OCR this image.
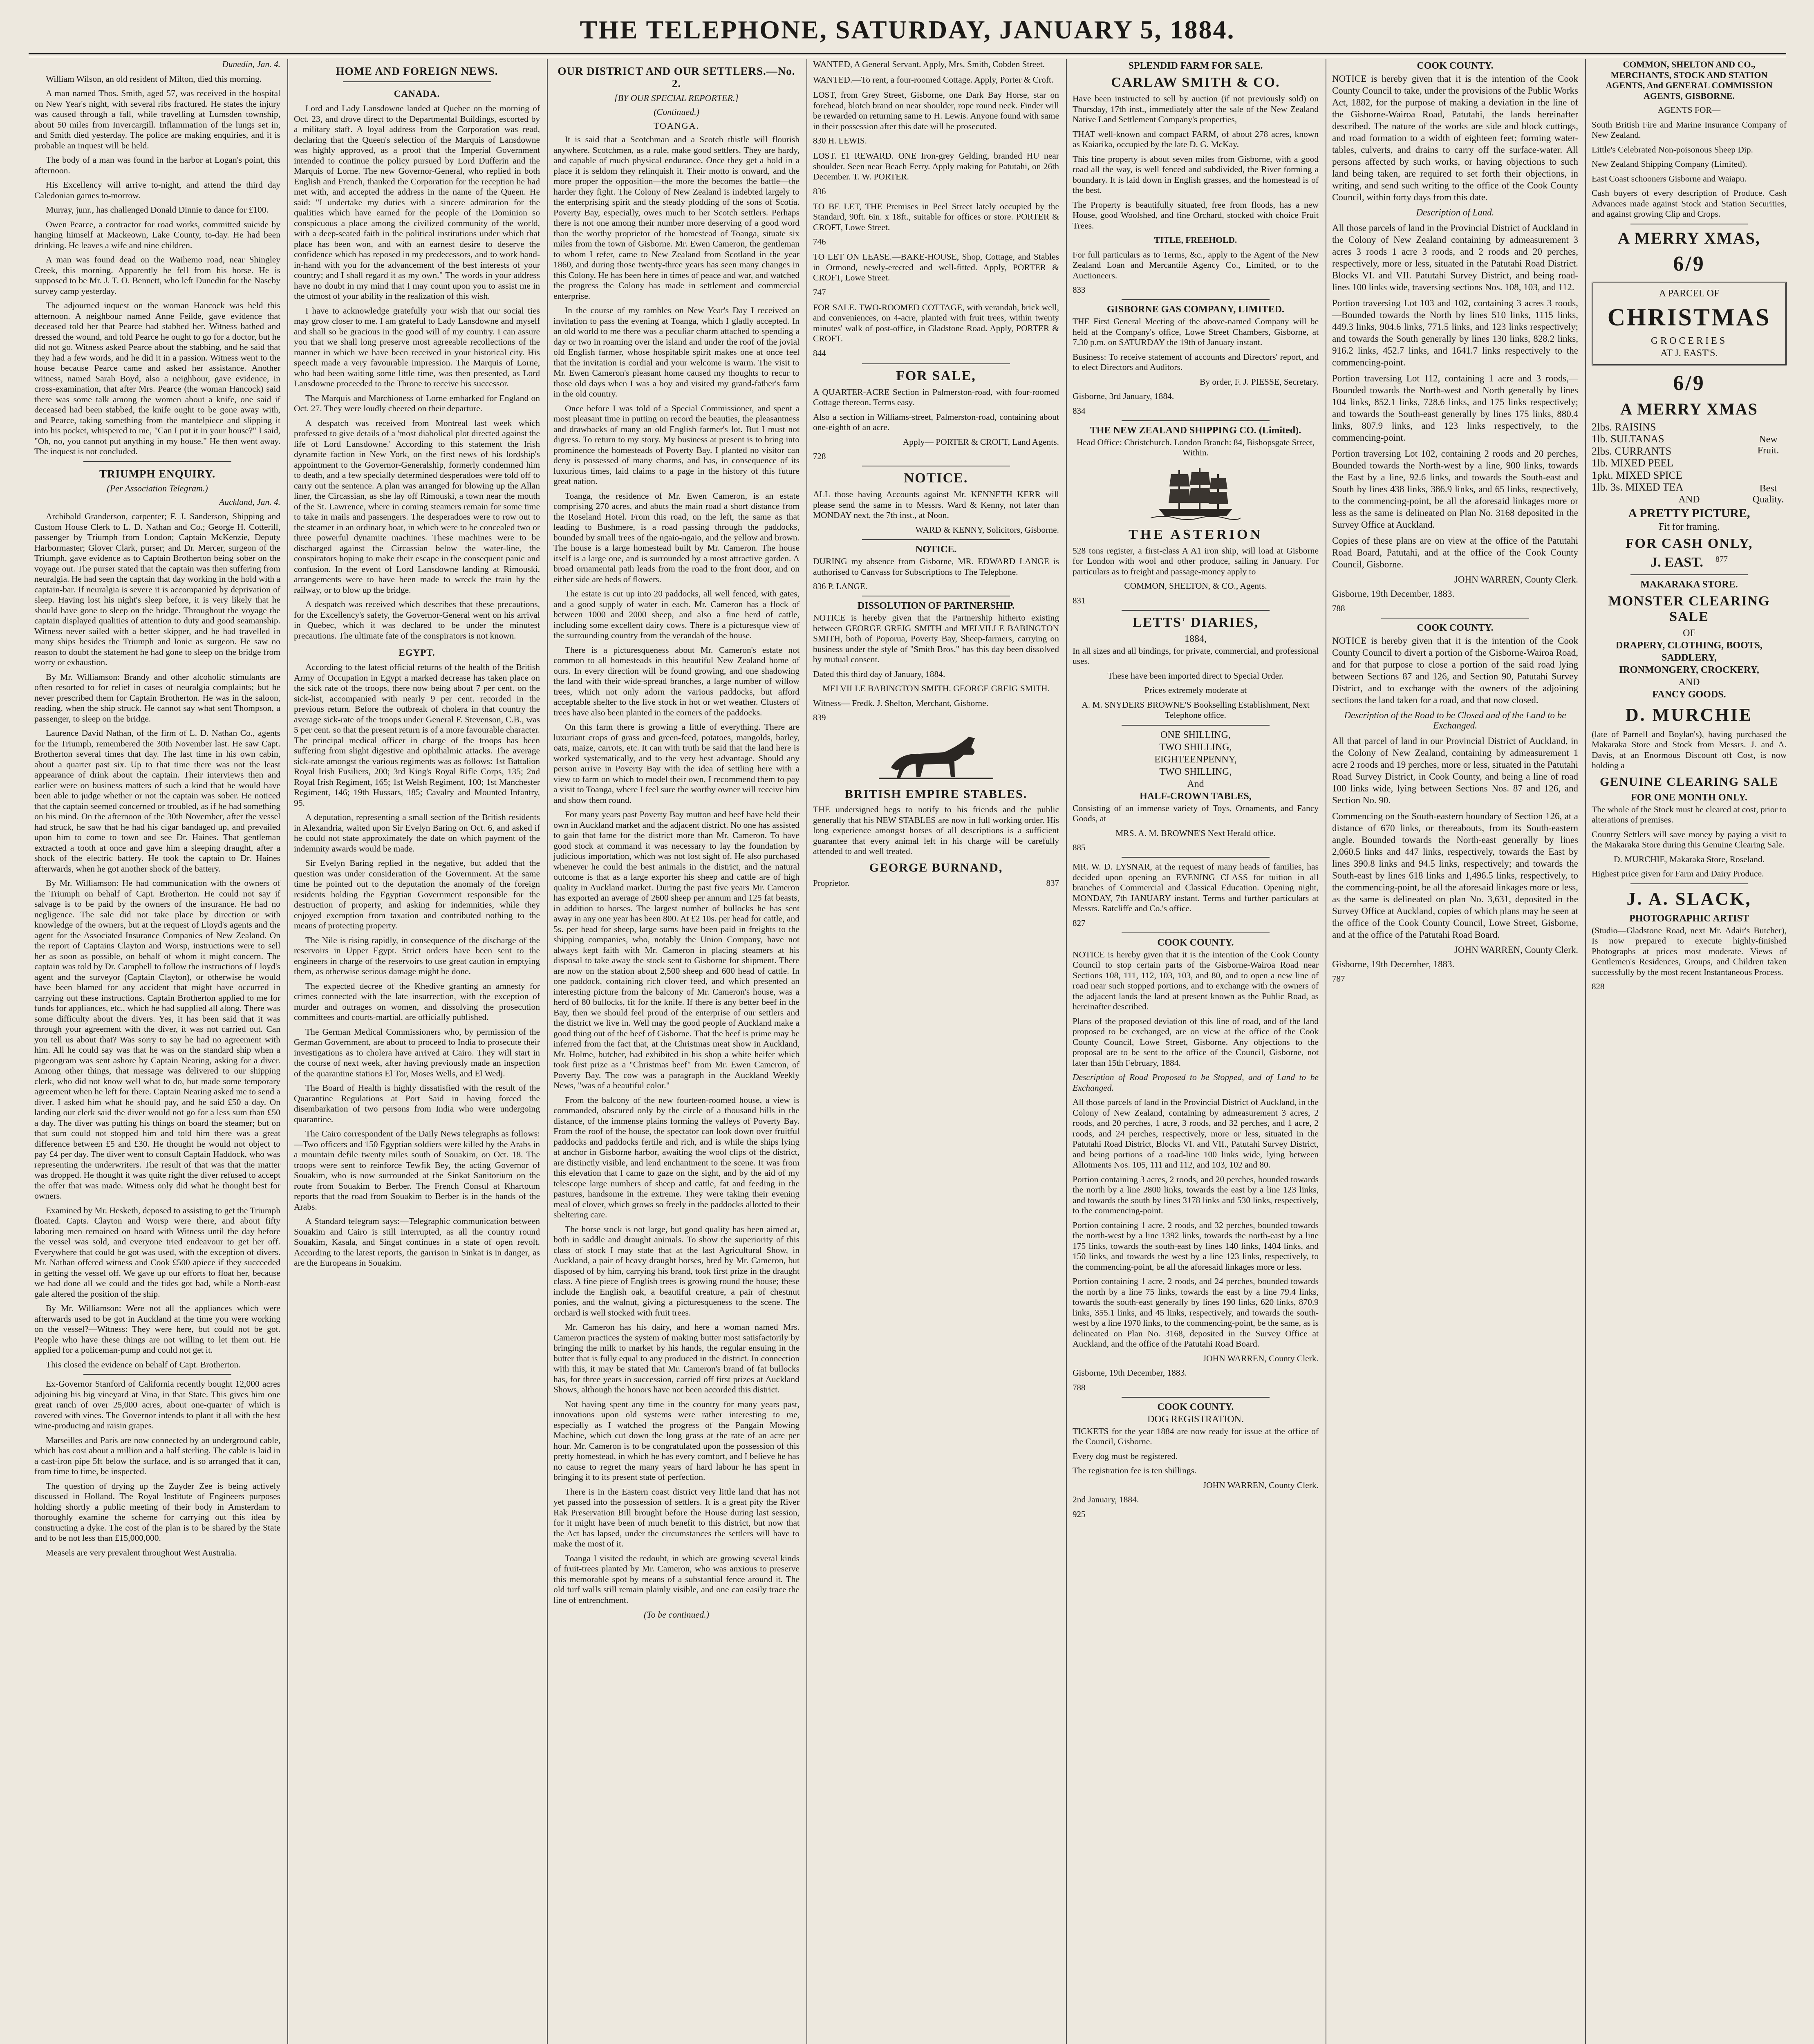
THE TELEPHONE, SATURDAY, JANUARY 5, 1884.

Dunedin, Jan. 4.

William Wilson, an old resident of Milton, died this morning.

A man named Thos. Smith, aged 57, was received in the hospital on New Year's night, with several ribs fractured. He states the injury was caused through a fall, while travelling at Lumsden township, about 50 miles from Invercargill. Inflammation of the lungs set in, and Smith died yesterday. The police are making enquiries, and it is probable an inquest will be held.

The body of a man was found in the harbor at Logan's point, this afternoon.

His Excellency will arrive to-night, and attend the third day Caledonian games to-morrow.

Murray, junr., has challenged Donald Dinnie to dance for £100.

Owen Pearce, a contractor for road works, committed suicide by hanging himself at Mackeown, Lake County, to-day. He had been drinking. He leaves a wife and nine children.

A man was found dead on the Waihemo road, near Shingley Creek, this morning. Apparently he fell from his horse. He is supposed to be Mr. J. T. O. Bennett, who left Dunedin for the Naseby survey camp yesterday.

The adjourned inquest on the woman Hancock was held this afternoon. A neighbour named Anne Feilde, gave evidence that deceased told her that Pearce had stabbed her. Witness bathed and dressed the wound, and told Pearce he ought to go for a doctor, but he did not go. Witness asked Pearce about the stabbing, and he said that they had a few words, and he did it in a passion. Witness went to the house because Pearce came and asked her assistance. Another witness, named Sarah Boyd, also a neighbour, gave evidence, in cross-examination, that after Mrs. Pearce (the woman Hancock) said there was some talk among the women about a knife, one said if deceased had been stabbed, the knife ought to be gone away with, and Pearce, taking something from the mantelpiece and slipping it into his pocket, whispered to me, "Can I put it in your house?" I said, "Oh, no, you cannot put anything in my house." He then went away. The inquest is not concluded.

TRIUMPH ENQUIRY.
(Per Association Telegram.)

Auckland, Jan. 4.

Archibald Granderson, carpenter; F. J. Sanderson, Shipping and Custom House Clerk to L. D. Nathan and Co.; George H. Cotterill, passenger by Triumph from London; Captain McKenzie, Deputy Harbormaster; Glover Clark, purser; and Dr. Mercer, surgeon of the Triumph, gave evidence as to Captain Brotherton being sober on the voyage out. The purser stated that the captain was then suffering from neuralgia. He had seen the captain that day working in the hold with a captain-bar. If neuralgia is severe it is accompanied by deprivation of sleep. Having lost his night's sleep before, it is very likely that he should have gone to sleep on the bridge. Throughout the voyage the captain displayed qualities of attention to duty and good seamanship. Witness never sailed with a better skipper, and he had travelled in many ships besides the Triumph and Ionic as surgeon. He saw no reason to doubt the statement he had gone to sleep on the bridge from worry or exhaustion.

By Mr. Williamson: Brandy and other alcoholic stimulants are often resorted to for relief in cases of neuralgia complaints; but he never prescribed them for Captain Brotherton. He was in the saloon, reading, when the ship struck. He cannot say what sent Thompson, a passenger, to sleep on the bridge.

Laurence David Nathan, of the firm of L. D. Nathan Co., agents for the Triumph, remembered the 30th November last. He saw Capt. Brotherton several times that day. The last time in his own cabin, about a quarter past six. Up to that time there was not the least appearance of drink about the captain. Their interviews then and earlier were on business matters of such a kind that he would have been able to judge whether or not the captain was sober. He noticed that the captain seemed concerned or troubled, as if he had something on his mind. On the afternoon of the 30th November, after the vessel had struck, he saw that he had his cigar bandaged up, and prevailed upon him to come to town and see Dr. Haines. That gentleman extracted a tooth at once and gave him a sleeping draught, after a shock of the electric battery. He took the captain to Dr. Haines afterwards, when he got another shock of the battery.

By Mr. Williamson: He had communication with the owners of the Triumph on behalf of Capt. Brotherton. He could not say if salvage is to be paid by the owners of the insurance. He had no negligence. The sale did not take place by direction or with knowledge of the owners, but at the request of Lloyd's agents and the agent for the Associated Insurance Companies of New Zealand. On the report of Captains Clayton and Worsp, instructions were to sell her as soon as possible, on behalf of whom it might concern. The captain was told by Dr. Campbell to follow the instructions of Lloyd's agent and the surveyor (Captain Clayton), or otherwise he would have been blamed for any accident that might have occurred in carrying out these instructions. Captain Brotherton applied to me for funds for appliances, etc., which he had supplied all along. There was some difficulty about the divers. Yes, it has been said that it was through your agreement with the diver, it was not carried out. Can you tell us about that? Was sorry to say he had no agreement with him. All he could say was that he was on the standard ship when a pigeongram was sent ashore by Captain Nearing, asking for a diver. Among other things, that message was delivered to our shipping clerk, who did not know well what to do, but made some temporary agreement when he left for there. Captain Nearing asked me to send a diver. I asked him what he should pay, and he said £50 a day. On landing our clerk said the diver would not go for a less sum than £50 a day. The diver was putting his things on board the steamer; but on that sum could not stopped him and told him there was a great difference between £5 and £30. He thought he would not object to pay £4 per day. The diver went to consult Captain Haddock, who was representing the underwriters. The result of that was that the matter was dropped. He thought it was quite right the diver refused to accept the offer that was made. Witness only did what he thought best for owners.

Examined by Mr. Hesketh, deposed to assisting to get the Triumph floated. Capts. Clayton and Worsp were there, and about fifty laboring men remained on board with Witness until the day before the vessel was sold, and everyone tried endeavour to get her off. Everywhere that could be got was used, with the exception of divers. Mr. Nathan offered witness and Cook £500 apiece if they succeeded in getting the vessel off. We gave up our efforts to float her, because we had done all we could and the tides got bad, while a North-east gale altered the position of the ship.

By Mr. Williamson: Were not all the appliances which were afterwards used to be got in Auckland at the time you were working on the vessel?—Witness: They were here, but could not be got. People who have these things are not willing to let them out. He applied for a policeman-pump and could not get it.

This closed the evidence on behalf of Capt. Brotherton.

Ex-Governor Stanford of California recently bought 12,000 acres adjoining his big vineyard at Vina, in that State. This gives him one great ranch of over 25,000 acres, about one-quarter of which is covered with vines. The Governor intends to plant it all with the best wine-producing and raisin grapes.

Marseilles and Paris are now connected by an underground cable, which has cost about a million and a half sterling. The cable is laid in a cast-iron pipe 5ft below the surface, and is so arranged that it can, from time to time, be inspected.

The question of drying up the Zuyder Zee is being actively discussed in Holland. The Royal Institute of Engineers purposes holding shortly a public meeting of their body in Amsterdam to thoroughly examine the scheme for carrying out this idea by constructing a dyke. The cost of the plan is to be shared by the State and to be not less than £15,000,000.

Measels are very prevalent throughout West Australia.

HOME AND FOREIGN NEWS.
CANADA.

Lord and Lady Lansdowne landed at Quebec on the morning of Oct. 23, and drove direct to the Departmental Buildings, escorted by a military staff. A loyal address from the Corporation was read, declaring that the Queen's selection of the Marquis of Lansdowne was highly approved, as a proof that the Imperial Government intended to continue the policy pursued by Lord Dufferin and the Marquis of Lorne. The new Governor-General, who replied in both English and French, thanked the Corporation for the reception he had met with, and accepted the address in the name of the Queen. He said: "I undertake my duties with a sincere admiration for the qualities which have earned for the people of the Dominion so conspicuous a place among the civilized community of the world, with a deep-seated faith in the political institutions under which that place has been won, and with an earnest desire to deserve the confidence which has reposed in my predecessors, and to work hand-in-hand with you for the advancement of the best interests of your country; and I shall regard it as my own." The words in your address have no doubt in my mind that I may count upon you to assist me in the utmost of your ability in the realization of this wish.

I have to acknowledge gratefully your wish that our social ties may grow closer to me. I am grateful to Lady Lansdowne and myself and shall so be gracious in the good will of my country. I can assure you that we shall long preserve most agreeable recollections of the manner in which we have been received in your historical city. His speech made a very favourable impression. The Marquis of Lorne, who had been waiting some little time, was then presented, as Lord Lansdowne proceeded to the Throne to receive his successor.

The Marquis and Marchioness of Lorne embarked for England on Oct. 27. They were loudly cheered on their departure.

A despatch was received from Montreal last week which professed to give details of a 'most diabolical plot directed against the life of Lord Lansdowne.' According to this statement the Irish dynamite faction in New York, on the first news of his lordship's appointment to the Governor-Generalship, formerly condemned him to death, and a few specially determined desperadoes were told off to carry out the sentence. A plan was arranged for blowing up the Allan liner, the Circassian, as she lay off Rimouski, a town near the mouth of the St. Lawrence, where in coming steamers remain for some time to take in mails and passengers. The desperadoes were to row out to the steamer in an ordinary boat, in which were to be concealed two or three powerful dynamite machines. These machines were to be discharged against the Circassian below the water-line, the conspirators hoping to make their escape in the consequent panic and confusion. In the event of Lord Lansdowne landing at Rimouski, arrangements were to have been made to wreck the train by the railway, or to blow up the bridge.

A despatch was received which describes that these precautions, for the Excellency's safety, the Governor-General went on his arrival in Quebec, which it was declared to be under the minutest precautions. The ultimate fate of the conspirators is not known.

EGYPT.

According to the latest official returns of the health of the British Army of Occupation in Egypt a marked decrease has taken place on the sick rate of the troops, there now being about 7 per cent. on the sick-list, accompanied with nearly 9 per cent. recorded in the previous return. Before the outbreak of cholera in that country the average sick-rate of the troops under General F. Stevenson, C.B., was 5 per cent. so that the present return is of a more favourable character. The principal medical officer in charge of the troops has been suffering from slight digestive and ophthalmic attacks. The average sick-rate amongst the various regiments was as follows: 1st Battalion Royal Irish Fusiliers, 200; 3rd King's Royal Rifle Corps, 135; 2nd Royal Irish Regiment, 165; 1st Welsh Regiment, 100; 1st Manchester Regiment, 146; 19th Hussars, 185; Cavalry and Mounted Infantry, 95.

A deputation, representing a small section of the British residents in Alexandria, waited upon Sir Evelyn Baring on Oct. 6, and asked if he could not state approximately the date on which payment of the indemnity awards would be made.

Sir Evelyn Baring replied in the negative, but added that the question was under consideration of the Government. At the same time he pointed out to the deputation the anomaly of the foreign residents holding the Egyptian Government responsible for the destruction of property, and asking for indemnities, while they enjoyed exemption from taxation and contributed nothing to the means of protecting property.

The Nile is rising rapidly, in consequence of the discharge of the reservoirs in Upper Egypt. Strict orders have been sent to the engineers in charge of the reservoirs to use great caution in emptying them, as otherwise serious damage might be done.

The expected decree of the Khedive granting an amnesty for crimes connected with the late insurrection, with the exception of murder and outrages on women, and dissolving the prosecution committees and courts-martial, are officially published.

The German Medical Commissioners who, by permission of the German Government, are about to proceed to India to prosecute their investigations as to cholera have arrived at Cairo. They will start in the course of next week, after having previously made an inspection of the quarantine stations El Tor, Moses Wells, and El Wedj.

The Board of Health is highly dissatisfied with the result of the Quarantine Regulations at Port Said in having forced the disembarkation of two persons from India who were undergoing quarantine.

The Cairo correspondent of the Daily News telegraphs as follows:—Two officers and 150 Egyptian soldiers were killed by the Arabs in a mountain defile twenty miles south of Souakim, on Oct. 18. The troops were sent to reinforce Tewfik Bey, the acting Governor of Souakim, who is now surrounded at the Sinkat Sanitorium on the route from Souakim to Berber. The French Consul at Khartoum reports that the road from Souakim to Berber is in the hands of the Arabs.

A Standard telegram says:—Telegraphic communication between Souakim and Cairo is still interrupted, as all the country round Souakim, Kasala, and Singat continues in a state of open revolt. According to the latest reports, the garrison in Sinkat is in danger, as are the Europeans in Souakim.

OUR DISTRICT AND OUR SETTLERS.—No. 2.
[BY OUR SPECIAL REPORTER.]
(Continued.)
TOANGA.

It is said that a Scotchman and a Scotch thistle will flourish anywhere. Scotchmen, as a rule, make good settlers. They are hardy, and capable of much physical endurance. Once they get a hold in a place it is seldom they relinquish it. Their motto is onward, and the more proper the opposition—the more the becomes the battle—the harder they fight. The Colony of New Zealand is indebted largely to the enterprising spirit and the steady plodding of the sons of Scotia. Poverty Bay, especially, owes much to her Scotch settlers. Perhaps there is not one among their number more deserving of a good word than the worthy proprietor of the homestead of Toanga, situate six miles from the town of Gisborne. Mr. Ewen Cameron, the gentleman to whom I refer, came to New Zealand from Scotland in the year 1860, and during those twenty-three years has seen many changes in this Colony. He has been here in times of peace and war, and watched the progress the Colony has made in settlement and commercial enterprise.

In the course of my rambles on New Year's Day I received an invitation to pass the evening at Toanga, which I gladly accepted. In an old world to me there was a peculiar charm attached to spending a day or two in roaming over the island and under the roof of the jovial old English farmer, whose hospitable spirit makes one at once feel that the invitation is cordial and your welcome is warm. The visit to Mr. Ewen Cameron's pleasant home caused my thoughts to recur to those old days when I was a boy and visited my grand-father's farm in the old country.

Once before I was told of a Special Commissioner, and spent a most pleasant time in putting on record the beauties, the pleasantness and drawbacks of many an old English farmer's lot. But I must not digress. To return to my story. My business at present is to bring into prominence the homesteads of Poverty Bay. I planted no visitor can deny is possessed of many charms, and has, in consequence of its luxurious times, laid claims to a page in the history of this future great nation.

Toanga, the residence of Mr. Ewen Cameron, is an estate comprising 270 acres, and abuts the main road a short distance from the Roseland Hotel. From this road, on the left, the same as that leading to Bushmere, is a road passing through the paddocks, bounded by small trees of the ngaio-ngaio, and the yellow and brown. The house is a large homestead built by Mr. Cameron. The house itself is a large one, and is surrounded by a most attractive garden. A broad ornamental path leads from the road to the front door, and on either side are beds of flowers.

The estate is cut up into 20 paddocks, all well fenced, with gates, and a good supply of water in each. Mr. Cameron has a flock of between 1000 and 2000 sheep, and also a fine herd of cattle, including some excellent dairy cows. There is a picturesque view of the surrounding country from the verandah of the house.

There is a picturesqueness about Mr. Cameron's estate not common to all homesteads in this beautiful New Zealand home of ours. In every direction will be found growing, and one shadowing the land with their wide-spread branches, a large number of willow trees, which not only adorn the various paddocks, but afford acceptable shelter to the live stock in hot or wet weather. Clusters of trees have also been planted in the corners of the paddocks.

On this farm there is growing a little of everything. There are luxuriant crops of grass and green-feed, potatoes, mangolds, barley, oats, maize, carrots, etc. It can with truth be said that the land here is worked systematically, and to the very best advantage. Should any person arrive in Poverty Bay with the idea of settling here with a view to farm on which to model their own, I recommend them to pay a visit to Toanga, where I feel sure the worthy owner will receive him and show them round.

For many years past Poverty Bay mutton and beef have held their own in Auckland market and the adjacent district. No one has assisted to gain that fame for the district more than Mr. Cameron. To have good stock at command it was necessary to lay the foundation by judicious importation, which was not lost sight of. He also purchased whenever he could the best animals in the district, and the natural outcome is that as a large exporter his sheep and cattle are of high quality in Auckland market. During the past five years Mr. Cameron has exported an average of 2600 sheep per annum and 125 fat beasts, in addition to horses. The largest number of bullocks he has sent away in any one year has been 800. At £2 10s. per head for cattle, and 5s. per head for sheep, large sums have been paid in freights to the shipping companies, who, notably the Union Company, have not always kept faith with Mr. Cameron in placing steamers at his disposal to take away the stock sent to Gisborne for shipment. There are now on the station about 2,500 sheep and 600 head of cattle. In one paddock, containing rich clover feed, and which presented an interesting picture from the balcony of Mr. Cameron's house, was a herd of 80 bullocks, fit for the knife. If there is any better beef in the Bay, then we should feel proud of the enterprise of our settlers and the district we live in. Well may the good people of Auckland make a good thing out of the beef of Gisborne. That the beef is prime may be inferred from the fact that, at the Christmas meat show in Auckland, Mr. Holme, butcher, had exhibited in his shop a white heifer which took first prize as a "Christmas beef" from Mr. Ewen Cameron, of Poverty Bay. The cow was a paragraph in the Auckland Weekly News, "was of a beautiful color."

From the balcony of the new fourteen-roomed house, a view is commanded, obscured only by the circle of a thousand hills in the distance, of the immense plains forming the valleys of Poverty Bay. From the roof of the house, the spectator can look down over fruitful paddocks and paddocks fertile and rich, and is while the ships lying at anchor in Gisborne harbor, awaiting the wool clips of the district, are distinctly visible, and lend enchantment to the scene. It was from this elevation that I came to gaze on the sight, and by the aid of my telescope large numbers of sheep and cattle, fat and feeding in the pastures, handsome in the extreme. They were taking their evening meal of clover, which grows so freely in the paddocks allotted to their sheltering care.

The horse stock is not large, but good quality has been aimed at, both in saddle and draught animals. To show the superiority of this class of stock I may state that at the last Agricultural Show, in Auckland, a pair of heavy draught horses, bred by Mr. Cameron, but disposed of by him, carrying his brand, took first prize in the draught class. A fine piece of English trees is growing round the house; these include the English oak, a beautiful creature, a pair of chestnut ponies, and the walnut, giving a picturesqueness to the scene. The orchard is well stocked with fruit trees.

Mr. Cameron has his dairy, and here a woman named Mrs. Cameron practices the system of making butter most satisfactorily by bringing the milk to market by his hands, the regular ensuing in the butter that is fully equal to any produced in the district. In connection with this, it may be stated that Mr. Cameron's brand of fat bullocks has, for three years in succession, carried off first prizes at Auckland Shows, although the honors have not been accorded this district.

Not having spent any time in the country for many years past, innovations upon old systems were rather interesting to me, especially as I watched the progress of the Pangain Mowing Machine, which cut down the long grass at the rate of an acre per hour. Mr. Cameron is to be congratulated upon the possession of this pretty homestead, in which he has every comfort, and I believe he has no cause to regret the many years of hard labour he has spent in bringing it to its present state of perfection.

There is in the Eastern coast district very little land that has not yet passed into the possession of settlers. It is a great pity the River Rak Preservation Bill brought before the House during last session, for it might have been of much benefit to this district, but now that the Act has lapsed, under the circumstances the settlers will have to make the most of it.

Toanga I visited the redoubt, in which are growing several kinds of fruit-trees planted by Mr. Cameron, who was anxious to preserve this memorable spot by means of a substantial fence around it. The old turf walls still remain plainly visible, and one can easily trace the line of entrenchment.

(To be continued.)

WANTED, A General Servant. Apply, Mrs. Smith, Cobden Street.

WANTED.—To rent, a four-roomed Cottage. Apply, Porter & Croft.

LOST, from Grey Street, Gisborne, one Dark Bay Horse, star on forehead, blotch brand on near shoulder, rope round neck. Finder will be rewarded on returning same to H. Lewis. Anyone found with same in their possession after this date will be prosecuted.

830 H. LEWIS.

LOST. £1 REWARD. ONE Iron-grey Gelding, branded HU near shoulder. Seen near Beach Ferry. Apply making for Patutahi, on 26th December. T. W. PORTER.

836

TO BE LET, THE Premises in Peel Street lately occupied by the Standard, 90ft. 6in. x 18ft., suitable for offices or store. PORTER & CROFT, Lowe Street.

746

TO LET ON LEASE.—BAKE-HOUSE, Shop, Cottage, and Stables in Ormond, newly-erected and well-fitted. Apply, PORTER & CROFT, Lowe Street.

747

FOR SALE. TWO-ROOMED COTTAGE, with verandah, brick well, and conveniences, on 4-acre, planted with fruit trees, within twenty minutes' walk of post-office, in Gladstone Road. Apply, PORTER & CROFT.

844
FOR SALE,

A QUARTER-ACRE Section in Palmerston-road, with four-roomed Cottage thereon. Terms easy.

Also a section in Williams-street, Palmerston-road, containing about one-eighth of an acre.

Apply— PORTER & CROFT, Land Agents.

728
NOTICE.

ALL those having Accounts against Mr. KENNETH KERR will please send the same in to Messrs. Ward & Kenny, not later than MONDAY next, the 7th inst., at Noon.

WARD & KENNY, Solicitors, Gisborne.

NOTICE.

DURING my absence from Gisborne, MR. EDWARD LANGE is authorised to Canvass for Subscriptions to The Telephone.

836 P. LANGE.
DISSOLUTION OF PARTNERSHIP.

NOTICE is hereby given that the Partnership hitherto existing between GEORGE GREIG SMITH and MELVILLE BABINGTON SMITH, both of Poporua, Poverty Bay, Sheep-farmers, carrying on business under the style of "Smith Bros." has this day been dissolved by mutual consent.

Dated this third day of January, 1884.

MELVILLE BABINGTON SMITH. GEORGE GREIG SMITH.

Witness— Fredk. J. Shelton, Merchant, Gisborne.

839
BRITISH EMPIRE STABLES.

THE undersigned begs to notify to his friends and the public generally that his NEW STABLES are now in full working order. His long experience amongst horses of all descriptions is a sufficient guarantee that every animal left in his charge will be carefully attended to and well treated.

GEORGE BURNAND,
Proprietor.	837
SPLENDID FARM FOR SALE.
CARLAW SMITH & CO.

Have been instructed to sell by auction (if not previously sold) on Thursday, 17th inst., immediately after the sale of the New Zealand Native Land Settlement Company's properties,

THAT well-known and compact FARM, of about 278 acres, known as Kaiarika, occupied by the late D. G. McKay.

This fine property is about seven miles from Gisborne, with a good road all the way, is well fenced and subdivided, the River forming a boundary. It is laid down in English grasses, and the homestead is of the best.

The Property is beautifully situated, free from floods, has a new House, good Woolshed, and fine Orchard, stocked with choice Fruit Trees.

TITLE, FREEHOLD.

For full particulars as to Terms, &c., apply to the Agent of the New Zealand Loan and Mercantile Agency Co., Limited, or to the Auctioneers.

833
GISBORNE GAS COMPANY, LIMITED.

THE First General Meeting of the above-named Company will be held at the Company's office, Lowe Street Chambers, Gisborne, at 7.30 p.m. on SATURDAY the 19th of January instant.

Business: To receive statement of accounts and Directors' report, and to elect Directors and Auditors.

By order, F. J. PIESSE, Secretary.

Gisborne, 3rd January, 1884.

834
THE NEW ZEALAND SHIPPING CO. (Limited).

Head Office: Christchurch. London Branch: 84, Bishopsgate Street, Within.

THE ASTERION

528 tons register, a first-class A A1 iron ship, will load at Gisborne for London with wool and other produce, sailing in January. For particulars as to freight and passage-money apply to

COMMON, SHELTON, & CO., Agents.

831
LETTS' DIARIES,
1884,

In all sizes and all bindings, for private, commercial, and professional uses.

These have been imported direct to Special Order.

Prices extremely moderate at

A. M. SNYDERS BROWNE'S Bookselling Establishment, Next Telephone office.

ONE SHILLING,
TWO SHILLING,
EIGHTEENPENNY,
TWO SHILLING,
And
HALF-CROWN TABLES,

Consisting of an immense variety of Toys, Ornaments, and Fancy Goods, at

MRS. A. M. BROWNE'S Next Herald office.

885

MR. W. D. LYSNAR, at the request of many heads of families, has decided upon opening an EVENING CLASS for tuition in all branches of Commercial and Classical Education. Opening night, MONDAY, 7th JANUARY instant. Terms and further particulars at Messrs. Ratcliffe and Co.'s office.

827
COOK COUNTY.

NOTICE is hereby given that it is the intention of the Cook County Council to stop certain parts of the Gisborne-Wairoa Road near Sections 108, 111, 112, 103, 103, and 80, and to open a new line of road near such stopped portions, and to exchange with the owners of the adjacent lands the land at present known as the Public Road, as hereinafter described.

Plans of the proposed deviation of this line of road, and of the land proposed to be exchanged, are on view at the office of the Cook County Council, Lowe Street, Gisborne. Any objections to the proposal are to be sent to the office of the Council, Gisborne, not later than 15th February, 1884.

Description of Road Proposed to be Stopped, and of Land to be Exchanged.

All those parcels of land in the Provincial District of Auckland, in the Colony of New Zealand, containing by admeasurement 3 acres, 2 roods, and 20 perches, 1 acre, 3 roods, and 32 perches, and 1 acre, 2 roods, and 24 perches, respectively, more or less, situated in the Patutahi Road District, Blocks VI. and VII., Patutahi Survey District, and being portions of a road-line 100 links wide, lying between Allotments Nos. 105, 111 and 112, and 103, 102 and 80.

Portion containing 3 acres, 2 roods, and 20 perches, bounded towards the north by a line 2800 links, towards the east by a line 123 links, and towards the south by lines 3178 links and 530 links, respectively, to the commencing-point.

Portion containing 1 acre, 2 roods, and 32 perches, bounded towards the north-west by a line 1392 links, towards the north-east by a line 175 links, towards the south-east by lines 140 links, 1404 links, and 150 links, and towards the west by a line 123 links, respectively, to the commencing-point, be all the aforesaid linkages more or less.

Portion containing 1 acre, 2 roods, and 24 perches, bounded towards the north by a line 75 links, towards the east by a line 79.4 links, towards the south-east generally by lines 190 links, 620 links, 870.9 links, 355.1 links, and 45 links, respectively, and towards the south-west by a line 1970 links, to the commencing-point, be the same, as is delineated on Plan No. 3168, deposited in the Survey Office at Auckland, and the office of the Patutahi Road Board.

JOHN WARREN, County Clerk.

Gisborne, 19th December, 1883.

788
COOK COUNTY.
DOG REGISTRATION.

TICKETS for the year 1884 are now ready for issue at the office of the Council, Gisborne.

Every dog must be registered.

The registration fee is ten shillings.

JOHN WARREN, County Clerk.

2nd January, 1884.

925
COOK COUNTY.

NOTICE is hereby given that it is the intention of the Cook County Council to take, under the provisions of the Public Works Act, 1882, for the purpose of making a deviation in the line of the Gisborne-Wairoa Road, Patutahi, the lands hereinafter described. The nature of the works are side and block cuttings, and road formation to a width of eighteen feet; forming water-tables, culverts, and drains to carry off the surface-water. All persons affected by such works, or having objections to such land being taken, are required to set forth their objections, in writing, and send such writing to the office of the Cook County Council, within forty days from this date.

Description of Land.

All those parcels of land in the Provincial District of Auckland in the Colony of New Zealand containing by admeasurement 3 acres 3 roods 1 acre 3 roods, and 2 roods and 20 perches, respectively, more or less, situated in the Patutahi Road District. Blocks VI. and VII. Patutahi Survey District, and being road-lines 100 links wide, traversing sections Nos. 108, 103, and 112.

Portion traversing Lot 103 and 102, containing 3 acres 3 roods,—Bounded towards the North by lines 510 links, 1115 links, 449.3 links, 904.6 links, 771.5 links, and 123 links respectively; and towards the South generally by lines 130 links, 828.2 links, 916.2 links, 452.7 links, and 1641.7 links respectively to the commencing-point.

Portion traversing Lot 112, containing 1 acre and 3 roods,—Bounded towards the North-west and North generally by lines 104 links, 852.1 links, 728.6 links, and 175 links respectively; and towards the South-east generally by lines 175 links, 880.4 links, 807.9 links, and 123 links respectively, to the commencing-point.

Portion traversing Lot 102, containing 2 roods and 20 perches, Bounded towards the North-west by a line, 900 links, towards the East by a line, 92.6 links, and towards the South-east and South by lines 438 links, 386.9 links, and 65 links, respectively, to the commencing-point, be all the aforesaid linkages more or less as the same is delineated on Plan No. 3168 deposited in the Survey Office at Auckland.

Copies of these plans are on view at the office of the Patutahi Road Board, Patutahi, and at the office of the Cook County Council, Gisborne.

JOHN WARREN, County Clerk.

Gisborne, 19th December, 1883.

788
COOK COUNTY.

NOTICE is hereby given that it is the intention of the Cook County Council to divert a portion of the Gisborne-Wairoa Road, and for that purpose to close a portion of the said road lying between Sections 87 and 126, and Section 90, Patutahi Survey District, and to exchange with the owners of the adjoining sections the land taken for a road, and that now closed.

Description of the Road to be Closed and of the Land to be Exchanged.

All that parcel of land in our Provincial District of Auckland, in the Colony of New Zealand, containing by admeasurement 1 acre 2 roods and 19 perches, more or less, situated in the Patutahi Road Survey District, in Cook County, and being a line of road 100 links wide, lying between Sections Nos. 87 and 126, and Section No. 90.

Commencing on the South-eastern boundary of Section 126, at a distance of 670 links, or thereabouts, from its South-eastern angle. Bounded towards the North-east generally by lines 2,060.5 links and 447 links, respectively, towards the East by lines 390.8 links and 94.5 links, respectively; and towards the South-east by lines 618 links and 1,496.5 links, respectively, to the commencing-point, be all the aforesaid linkages more or less, as the same is delineated on plan No. 3,631, deposited in the Survey Office at Auckland, copies of which plans may be seen at the office of the Cook County Council, Lowe Street, Gisborne, and at the office of the Patutahi Road Board.

JOHN WARREN, County Clerk.

Gisborne, 19th December, 1883.

787

COMMON, SHELTON AND CO., MERCHANTS, STOCK AND STATION AGENTS, And GENERAL COMMISSION AGENTS, GISBORNE.

AGENTS FOR—

South British Fire and Marine Insurance Company of New Zealand.

Little's Celebrated Non-poisonous Sheep Dip.

New Zealand Shipping Company (Limited).

East Coast schooners Gisborne and Waiapu.

Cash buyers of every description of Produce. Cash Advances made against Stock and Station Securities, and against growing Clip and Crops.

A MERRY XMAS,
6/9
A PARCEL OF
CHRISTMAS
GROCERIES
AT J. EAST'S.
6/9
A MERRY XMAS

2lbs. RAISINS

1lb. SULTANAS

2lbs. CURRANTS

1lb. MIXED PEEL

1pkt. MIXED SPICE

1lb. 3s. MIXED TEA

New Fruit.
Best Quality.
AND
A PRETTY PICTURE,
Fit for framing.
FOR CASH ONLY,
J. EAST. 877
MAKARAKA STORE.
MONSTER CLEARING SALE
OF
DRAPERY, CLOTHING, BOOTS,
SADDLERY,
IRONMONGERY, CROCKERY,
AND
FANCY GOODS.
D. MURCHIE

(late of Parnell and Boylan's), having purchased the Makaraka Store and Stock from Messrs. J. and A. Davis, at an Enormous Discount off Cost, is now holding a

GENUINE CLEARING SALE
FOR ONE MONTH ONLY.

The whole of the Stock must be cleared at cost, prior to alterations of premises.

Country Settlers will save money by paying a visit to the Makaraka Store during this Genuine Clearing Sale.

D. MURCHIE, Makaraka Store, Roseland.

Highest price given for Farm and Dairy Produce.

J. A. SLACK,
PHOTOGRAPHIC ARTIST

(Studio—Gladstone Road, next Mr. Adair's Butcher), Is now prepared to execute highly-finished Photographs at prices most moderate. Views of Gentlemen's Residences, Groups, and Children taken successfully by the most recent Instantaneous Process.

828
